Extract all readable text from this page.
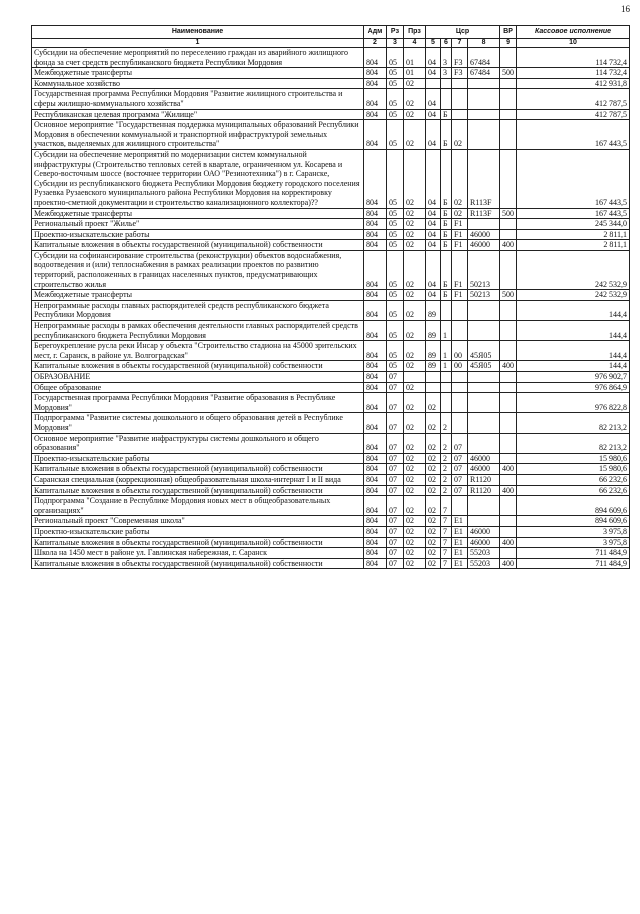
16
Наименование	Адм	Рз	Прз	Цср				ВР	Кассовое исполнение
1	2	3	4	5	6	7	8	9	10
Субсидии на обеспечение мероприятий по переселению граждан из аварийного жилищного фонда за счет средств республиканского бюджета Республики Мордовия	804	05	01	04	3	F3	67484		114 732,4
Межбюджетные трансферты	804	05	01	04	3	F3	67484	500	114 732,4
Коммунальное хозяйство	804	05	02						412 931,8
Государственная программа Республики Мордовия "Развитие жилищного строительства и сферы жилищно-коммунального хозяйства"	804	05	02	04					412 787,5
Республиканская целевая программа "Жилище"	804	05	02	04	Б				412 787,5
Основное мероприятие "Государственная поддержка муниципальных образований Республики Мордовия в обеспечении коммунальной и транспортной инфраструктурой земельных участков, выделяемых для жилищного строительства"	804	05	02	04	Б	02			167 443,5
Субсидии на обеспечение мероприятий по модернизации систем коммунальной инфраструктуры (Строительство тепловых сетей в квартале, ограниченном ул. Косарева и Северо-восточным шоссе (восточнее территории ОАО "Резинотехника") в г. Саранске, Субсидии из республиканского бюджета Республики Мордовия бюджету городского поселения Рузаевка Рузаевского муниципального района Республики Мордовия на корректировку проектно-сметной документации и строительство канализационного коллектора)??	804	05	02	04	Б	02	R113F		167 443,5
Межбюджетные трансферты	804	05	02	04	Б	02	R113F	500	167 443,5
Региональный проект "Жилье"	804	05	02	04	Б	F1			245 344,0
Проектно-изыскательские работы	804	05	02	04	Б	F1	46000		2 811,1
Капитальные вложения в объекты государственной (муниципальной) собственности	804	05	02	04	Б	F1	46000	400	2 811,1
Субсидии на софинансирование строительства (реконструкции) объектов водоснабжения, водоотведения и (или) теплоснабжения в рамках реализации проектов по развитию территорий, расположенных в границах населенных пунктов, предусматривающих строительство жилья	804	05	02	04	Б	F1	50213		242 532,9
Межбюджетные трансферты	804	05	02	04	Б	F1	50213	500	242 532,9
Непрограммные расходы главных распорядителей средств республиканского бюджета Республики Мордовия	804	05	02	89					144,4
Непрограммные расходы в рамках обеспечения деятельности главных распорядителей средств республиканского бюджета Республики Мордовия	804	05	02	89	1				144,4
Берегоукрепление русла реки Инсар у объекта "Строительство стадиона на 45000 зрительских мест, г. Саранск, в районе ул. Волгоградская"	804	05	02	89	1	00	45Я05		144,4
Капитальные вложения в объекты государственной (муниципальной) собственности	804	05	02	89	1	00	45Я05	400	144,4
ОБРАЗОВАНИЕ	804	07							976 902,7
Общее образование	804	07	02						976 864,9
Государственная программа Республики Мордовия "Развитие образования в Республике Мордовия"	804	07	02	02					976 822,8
Подпрограмма "Развитие системы дошкольного и общего образования детей в Республике Мордовия"	804	07	02	02	2				82 213,2
Основное мероприятие "Развитие инфраструктуры системы дошкольного и общего образования"	804	07	02	02	2	07			82 213,2
Проектно-изыскательские работы	804	07	02	02	2	07	46000		15 980,6
Капитальные вложения в объекты государственной (муниципальной) собственности	804	07	02	02	2	07	46000	400	15 980,6
Саранская специальная (коррекционная) общеобразовательная школа-интернат I и II вида	804	07	02	02	2	07	R1120		66 232,6
Капитальные вложения в объекты государственной (муниципальной) собственности	804	07	02	02	2	07	R1120	400	66 232,6
Подпрограмма "Создание в Республике Мордовия новых мест в общеобразовательных организациях"	804	07	02	02	7				894 609,6
Региональный проект "Современная школа"	804	07	02	02	7	E1			894 609,6
Проектно-изыскательские работы	804	07	02	02	7	E1	46000		3 975,8
Капитальные вложения в объекты государственной (муниципальной) собственности	804	07	02	02	7	E1	46000	400	3 975,8
Школа на 1450 мест в районе ул. Гавлинская набережная, г. Саранск	804	07	02	02	7	E1	55203		711 484,9
Капитальные вложения в объекты государственной (муниципальной) собственности	804	07	02	02	7	E1	55203	400	711 484,9
